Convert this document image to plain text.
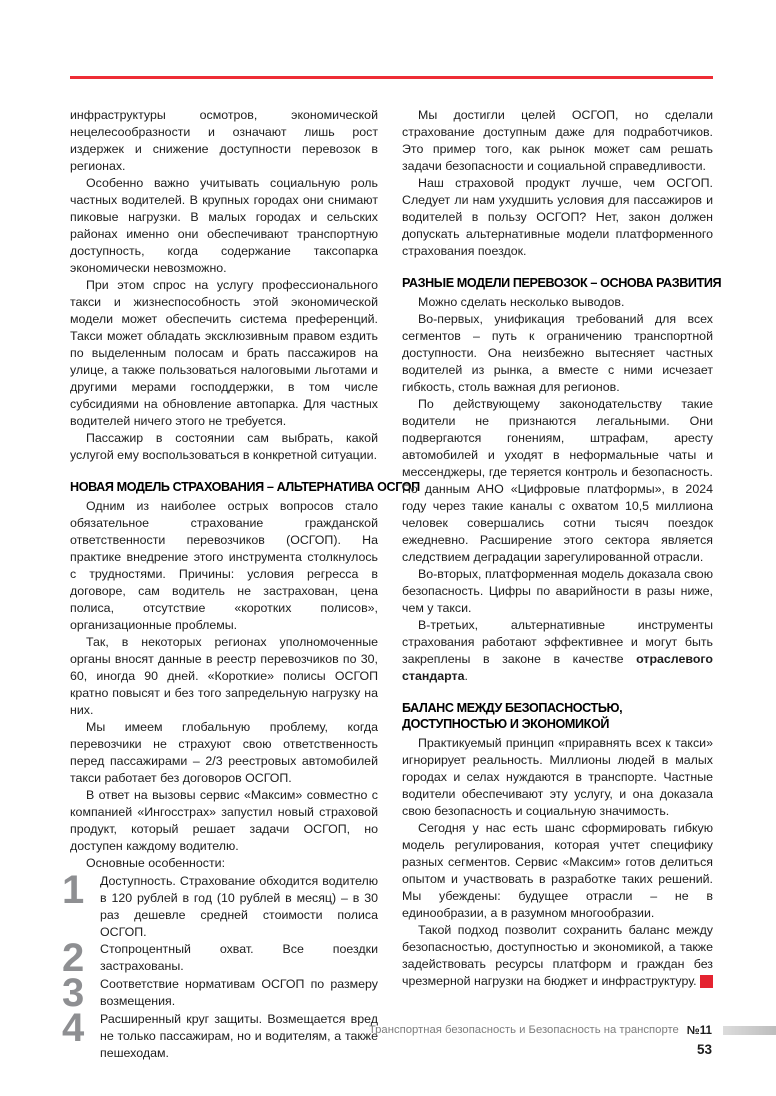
инфраструктуры осмотров, экономической нецелесообразности и означают лишь рост издержек и снижение доступности перевозок в регионах.

Особенно важно учитывать социальную роль частных водителей. В крупных городах они снимают пиковые нагрузки. В малых городах и сельских районах именно они обеспечивают транспортную доступность, когда содержание таксопарка экономически невозможно.

При этом спрос на услугу профессионального такси и жизнеспособность этой экономической модели может обеспечить система преференций. Такси может обладать эксклюзивным правом ездить по выделенным полосам и брать пассажиров на улице, а также пользоваться налоговыми льготами и другими мерами господдержки, в том числе субсидиями на обновление автопарка. Для частных водителей ничего этого не требуется.

Пассажир в состоянии сам выбрать, какой услугой ему воспользоваться в конкретной ситуации.

НОВАЯ МОДЕЛЬ СТРАХОВАНИЯ – АЛЬТЕРНАТИВА ОСГОП

Одним из наиболее острых вопросов стало обязательное страхование гражданской ответственности перевозчиков (ОСГОП). На практике внедрение этого инструмента столкнулось с трудностями. Причины: условия регресса в договоре, сам водитель не застрахован, цена полиса, отсутствие «коротких полисов», организационные проблемы.

Так, в некоторых регионах уполномоченные органы вносят данные в реестр перевозчиков по 30, 60, иногда 90 дней. «Короткие» полисы ОСГОП кратно повысят и без того запредельную нагрузку на них.

Мы имеем глобальную проблему, когда перевозчики не страхуют свою ответственность перед пассажирами – 2/3 реестровых автомобилей такси работает без договоров ОСГОП.

В ответ на вызовы сервис «Максим» совместно с компанией «Ингосстрах» запустил новый страховой продукт, который решает задачи ОСГОП, но доступен каждому водителю.

Основные особенности:

1	Доступность. Страхование обходится водителю в 120 рублей в год (10 рублей в месяц) – в 30 раз дешевле средней стоимости полиса ОСГОП.
2	Стопроцентный охват. Все поездки застрахованы.
3	Соответствие нормативам ОСГОП по размеру возмещения.
4	Расширенный круг защиты. Возмещается вред не только пассажирам, но и водителям, а также пешеходам.

Мы достигли целей ОСГОП, но сделали страхование доступным даже для подработчиков. Это пример того, как рынок может сам решать задачи безопасности и социальной справедливости.

Наш страховой продукт лучше, чем ОСГОП. Следует ли нам ухудшить условия для пассажиров и водителей в пользу ОСГОП? Нет, закон должен допускать альтернативные модели платформенного страхования поездок.

РАЗНЫЕ МОДЕЛИ ПЕРЕВОЗОК – ОСНОВА РАЗВИТИЯ

Можно сделать несколько выводов.

Во-первых, унификация требований для всех сегментов – путь к ограничению транспортной доступности. Она неизбежно вытесняет частных водителей из рынка, а вместе с ними исчезает гибкость, столь важная для регионов.

По действующему законодательству такие водители не признаются легальными. Они подвергаются гонениям, штрафам, аресту автомобилей и уходят в неформальные чаты и мессенджеры, где теряется контроль и безопасность. По данным АНО «Цифровые платформы», в 2024 году через такие каналы с охватом 10,5 миллиона человек совершались сотни тысяч поездок ежедневно. Расширение этого сектора является следствием деградации зарегулированной отрасли.

Во-вторых, платформенная модель доказала свою безопасность. Цифры по аварийности в разы ниже, чем у такси.

В-третьих, альтернативные инструменты страхования работают эффективнее и могут быть закреплены в законе в качестве отраслевого стандарта.

БАЛАНС МЕЖДУ БЕЗОПАСНОСТЬЮ, ДОСТУПНОСТЬЮ И ЭКОНОМИКОЙ

Практикуемый принцип «приравнять всех к такси» игнорирует реальность. Миллионы людей в малых городах и селах нуждаются в транспорте. Частные водители обеспечивают эту услугу, и она доказала свою безопасность и социальную значимость.

Сегодня у нас есть шанс сформировать гибкую модель регулирования, которая учтет специфику разных сегментов. Сервис «Максим» готов делиться опытом и участвовать в разработке таких решений. Мы убеждены: будущее отрасли – не в единообразии, а в разумном многообразии.

Такой подход позволит сохранить баланс между безопасностью, доступностью и экономикой, а также задействовать ресурсы платформ и граждан без чрезмерной нагрузки на бюджет и инфраструктуру.

Транспортная безопасность и Безопасность на транспорте №11
53
